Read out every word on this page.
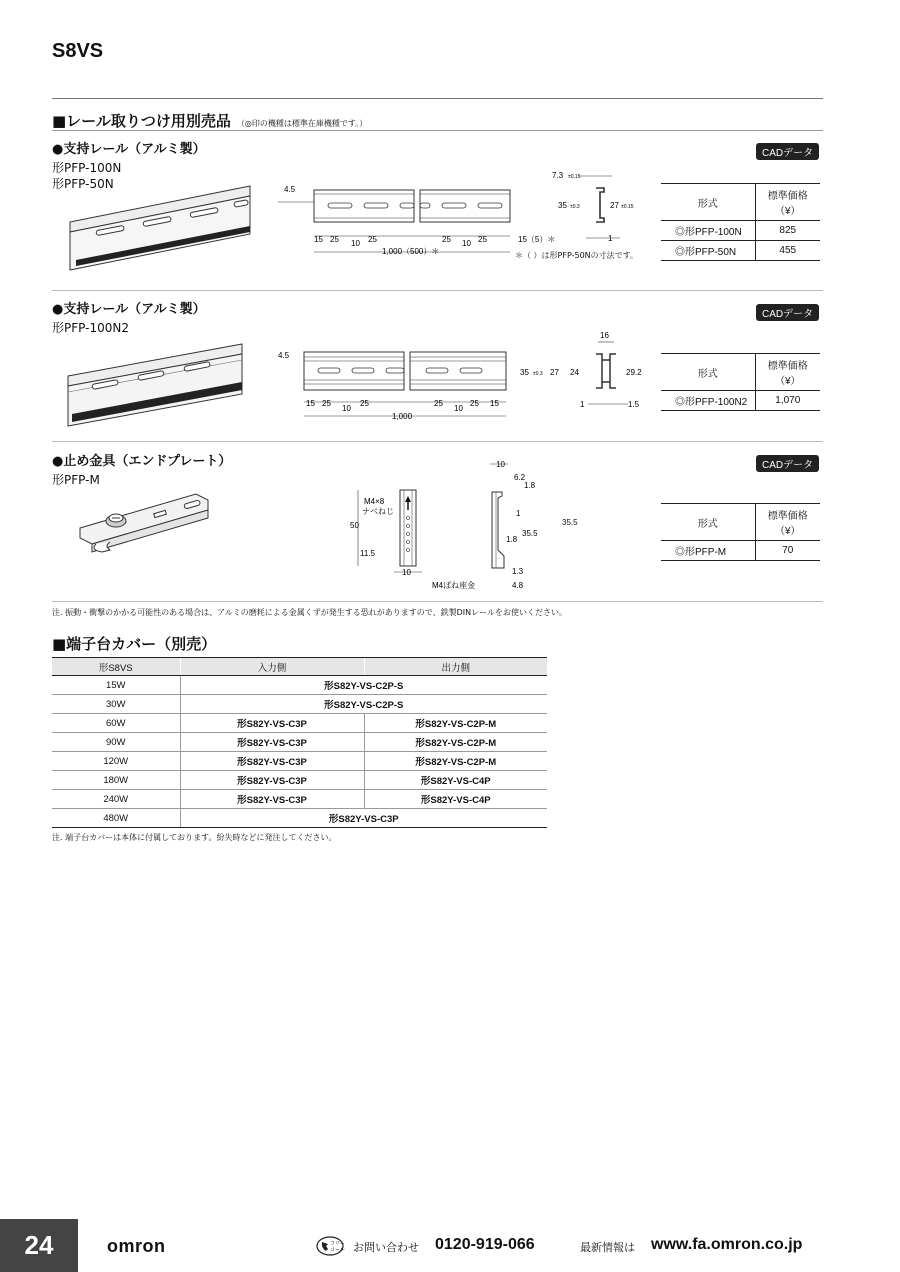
S8VS
■レール取りつけ用別売品 （◎印の機種は標準在庫機種です。）
●支持レール（アルミ製）
形PFP-100N
形PFP-50N
CADデータ
4.5
15 25 10 25	25 10 25	15（5）＊
1,000（500）＊
7.3 ±0.15
35 ±0.3	27 ±0.15
1
＊（ ）は形PFP-50Nの寸法です。
形式	標準価格（¥）
◎形PFP-100N	825
◎形PFP-50N	455
●支持レール（アルミ製）
形PFP-100N2
CADデータ
4.5
15 25
10
25	25
10
25 15
1,000
16
35 ±0.3 27 24	29.2
1	1.5
形式	標準価格（¥）
◎形PFP-100N2	1,070
●止め金具（エンドプレート）
形PFP-M
CADデータ
M4×8
ナベねじ
50
11.5
10
10
6.2
1.8
1
35.5
1.8
1.3
4.8
M4ばね座金
35.5	形式	標準価格（¥）
◎形PFP-M	70
注. 振動・衝撃のかかる可能性のある場合は、アルミの磨耗による金属くずが発生する恐れがありますので、鉄製DINレールをお使いください。
■端子台カバー（別売）
形S8VS	入力側	出力側
15W	形S82Y-VS-C2P-S	
30W	形S82Y-VS-C2P-S	
60W	形S82Y-VS-C3P	形S82Y-VS-C2P-M
90W	形S82Y-VS-C3P	形S82Y-VS-C2P-M
120W	形S82Y-VS-C3P	形S82Y-VS-C2P-M
180W	形S82Y-VS-C3P	形S82Y-VS-C4P
240W	形S82Y-VS-C3P	形S82Y-VS-C4P
480W	形S82Y-VS-C3P	
注. 端子台カバーは本体に付属しております。紛失時などに発注してください。
24	omron	フリー
コール お問い合わせ 0120-919-066	最新情報は www.fa.omron.co.jp
